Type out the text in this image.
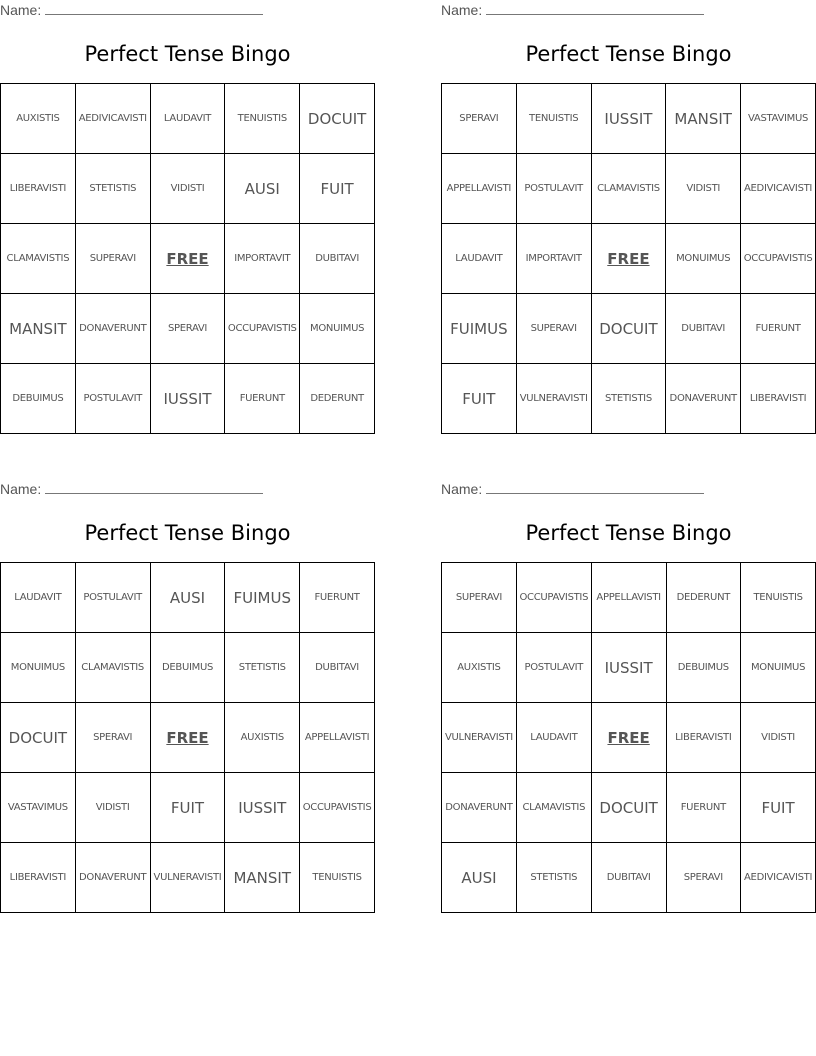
Name:
Perfect Tense Bingo
AUXISTIS	AEDIVICAVISTI	LAUDAVIT	TENUISTIS	DOCUIT
LIBERAVISTI	STETISTIS	VIDISTI	AUSI	FUIT
CLAMAVISTIS	SUPERAVI	FREE	IMPORTAVIT	DUBITAVI
MANSIT	DONAVERUNT	SPERAVI	OCCUPAVISTIS	MONUIMUS
DEBUIMUS	POSTULAVIT	IUSSIT	FUERUNT	DEDERUNT
Name:
Perfect Tense Bingo
SPERAVI	TENUISTIS	IUSSIT	MANSIT	VASTAVIMUS
APPELLAVISTI	POSTULAVIT	CLAMAVISTIS	VIDISTI	AEDIVICAVISTI
LAUDAVIT	IMPORTAVIT	FREE	MONUIMUS	OCCUPAVISTIS
FUIMUS	SUPERAVI	DOCUIT	DUBITAVI	FUERUNT
FUIT	VULNERAVISTI	STETISTIS	DONAVERUNT	LIBERAVISTI
Name:
Perfect Tense Bingo
LAUDAVIT	POSTULAVIT	AUSI	FUIMUS	FUERUNT
MONUIMUS	CLAMAVISTIS	DEBUIMUS	STETISTIS	DUBITAVI
DOCUIT	SPERAVI	FREE	AUXISTIS	APPELLAVISTI
VASTAVIMUS	VIDISTI	FUIT	IUSSIT	OCCUPAVISTIS
LIBERAVISTI	DONAVERUNT	VULNERAVISTI	MANSIT	TENUISTIS
Name:
Perfect Tense Bingo
SUPERAVI	OCCUPAVISTIS	APPELLAVISTI	DEDERUNT	TENUISTIS
AUXISTIS	POSTULAVIT	IUSSIT	DEBUIMUS	MONUIMUS
VULNERAVISTI	LAUDAVIT	FREE	LIBERAVISTI	VIDISTI
DONAVERUNT	CLAMAVISTIS	DOCUIT	FUERUNT	FUIT
AUSI	STETISTIS	DUBITAVI	SPERAVI	AEDIVICAVISTI
